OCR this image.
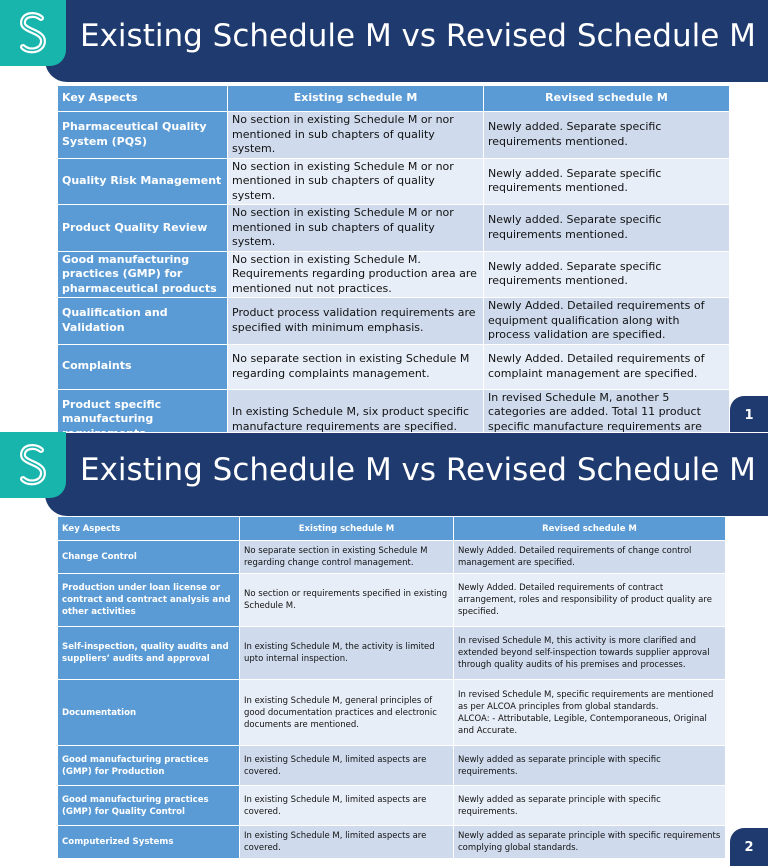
Existing Schedule M vs Revised Schedule M
Key Aspects	Existing schedule M	Revised schedule M
Pharmaceutical Quality System (PQS)	No section in existing Schedule M or nor mentioned in sub chapters of quality system.	Newly added. Separate specific requirements mentioned.
Quality Risk Management	No section in existing Schedule M or nor mentioned in sub chapters of quality system.	Newly added. Separate specific requirements mentioned.
Product Quality Review	No section in existing Schedule M or nor mentioned in sub chapters of quality system.	Newly added. Separate specific requirements mentioned.
Good manufacturing practices (GMP) for pharmaceutical products	No section in existing Schedule M. Requirements regarding production area are mentioned nut not practices.	Newly added. Separate specific requirements mentioned.
Qualification and Validation	Product process validation requirements are specified with minimum emphasis.	Newly Added. Detailed requirements of equipment qualification along with process validation are specified.
Complaints	No separate section in existing Schedule M regarding complaints management.	Newly Added. Detailed requirements of complaint management are specified.
Product specific manufacturing	In existing Schedule M, six product specific manufacture requirements are specified.	In revised Schedule M, another 5 categories are added. Total 11 product specific manufacture requirements are
1
Existing Schedule M vs Revised Schedule M
Key Aspects	Existing schedule M	Revised schedule M
Change Control	No separate section in existing Schedule M regarding change control management.	Newly Added. Detailed requirements of change control management are specified.
Production under loan license or contract and contract analysis and other activities	No section or requirements specified in existing Schedule M.	Newly Added. Detailed requirements of contract arrangement, roles and responsibility of product quality are specified.
Self-inspection, quality audits and suppliers’ audits and approval	In existing Schedule M, the activity is limited upto internal inspection.	In revised Schedule M, this activity is more clarified and extended beyond self-inspection towards supplier approval through quality audits of his premises and processes.
Documentation	In existing Schedule M, general principles of good documentation practices and electronic documents are mentioned.	In revised Schedule M, specific requirements are mentioned as per ALCOA principles from global standards.
ALCOA: - Attributable, Legible, Contemporaneous, Original and Accurate.
Good manufacturing practices (GMP) for Production	In existing Schedule M, limited aspects are covered.	Newly added as separate principle with specific requirements.
Good manufacturing practices (GMP) for Quality Control	In existing Schedule M, limited aspects are covered.	Newly added as separate principle with specific requirements.
Computerized Systems	In existing Schedule M, limited aspects are covered.	Newly added as separate principle with specific requirements complying global standards.	2
